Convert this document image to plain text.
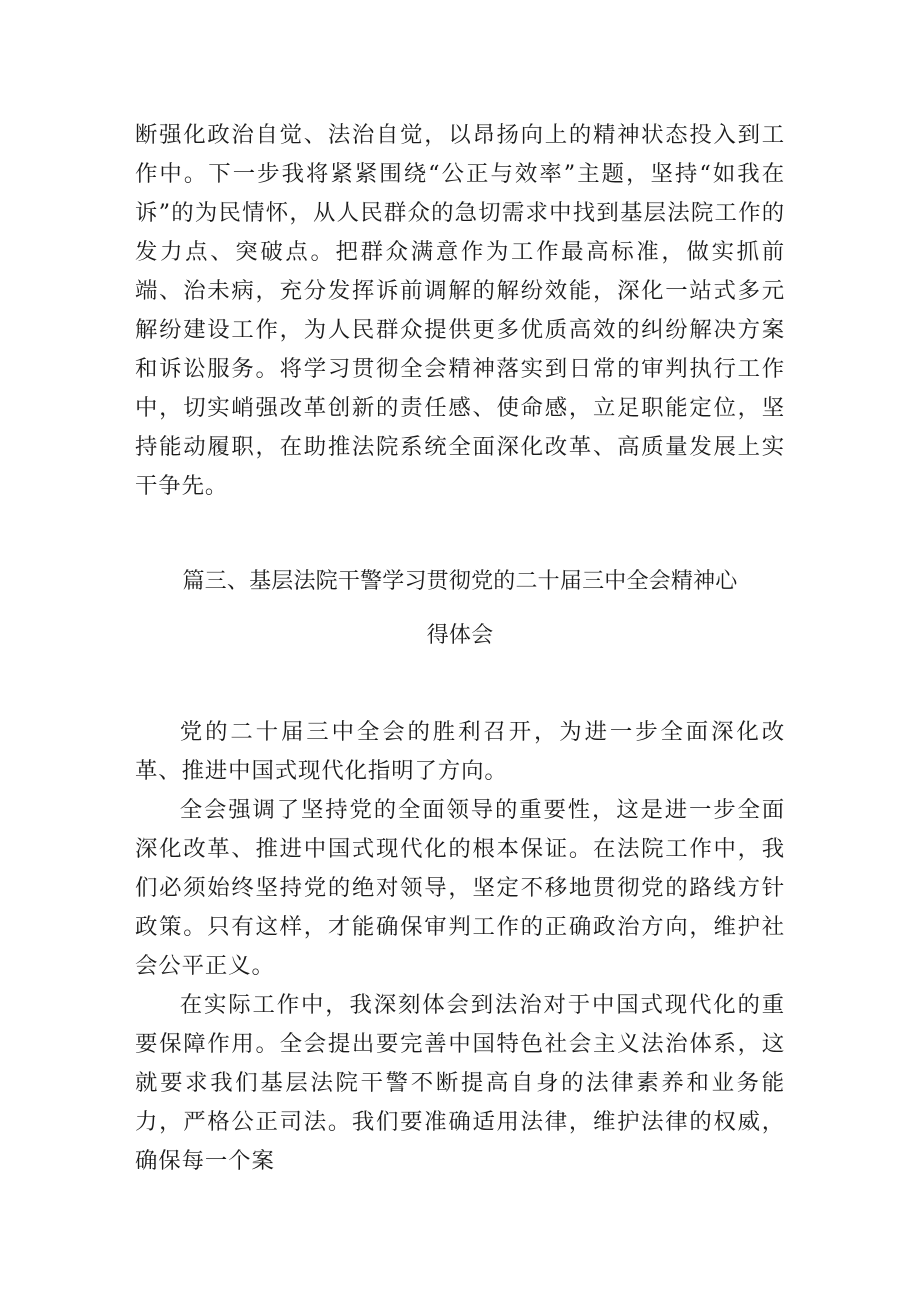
断强化政治自觉、法治自觉，以昂扬向上的精神状态投入到工作中。下一步我将紧紧围绕“公正与效率”主题，坚持“如我在诉”的为民情怀，从人民群众的急切需求中找到基层法院工作的发力点、突破点。把群众满意作为工作最高标准，做实抓前端、治未病，充分发挥诉前调解的解纷效能，深化一站式多元解纷建设工作，为人民群众提供更多优质高效的纠纷解决方案和诉讼服务。将学习贯彻全会精神落实到日常的审判执行工作中，切实峭强改革创新的责任感、使命感，立足职能定位，坚持能动履职，在助推法院系统全面深化改革、高质量发展上实干争先。

篇三、基层法院干警学习贯彻党的二十届三中全会精神心
得体会

党的二十届三中全会的胜利召开，为进一步全面深化改革、推进中国式现代化指明了方向。

全会强调了坚持党的全面领导的重要性，这是进一步全面深化改革、推进中国式现代化的根本保证。在法院工作中，我们必须始终坚持党的绝对领导，坚定不移地贯彻党的路线方针政策。只有这样，才能确保审判工作的正确政治方向，维护社会公平正义。

在实际工作中，我深刻体会到法治对于中国式现代化的重要保障作用。全会提出要完善中国特色社会主义法治体系，这就要求我们基层法院干警不断提高自身的法律素养和业务能力，严格公正司法。我们要准确适用法律，维护法律的权威，确保每一个案
